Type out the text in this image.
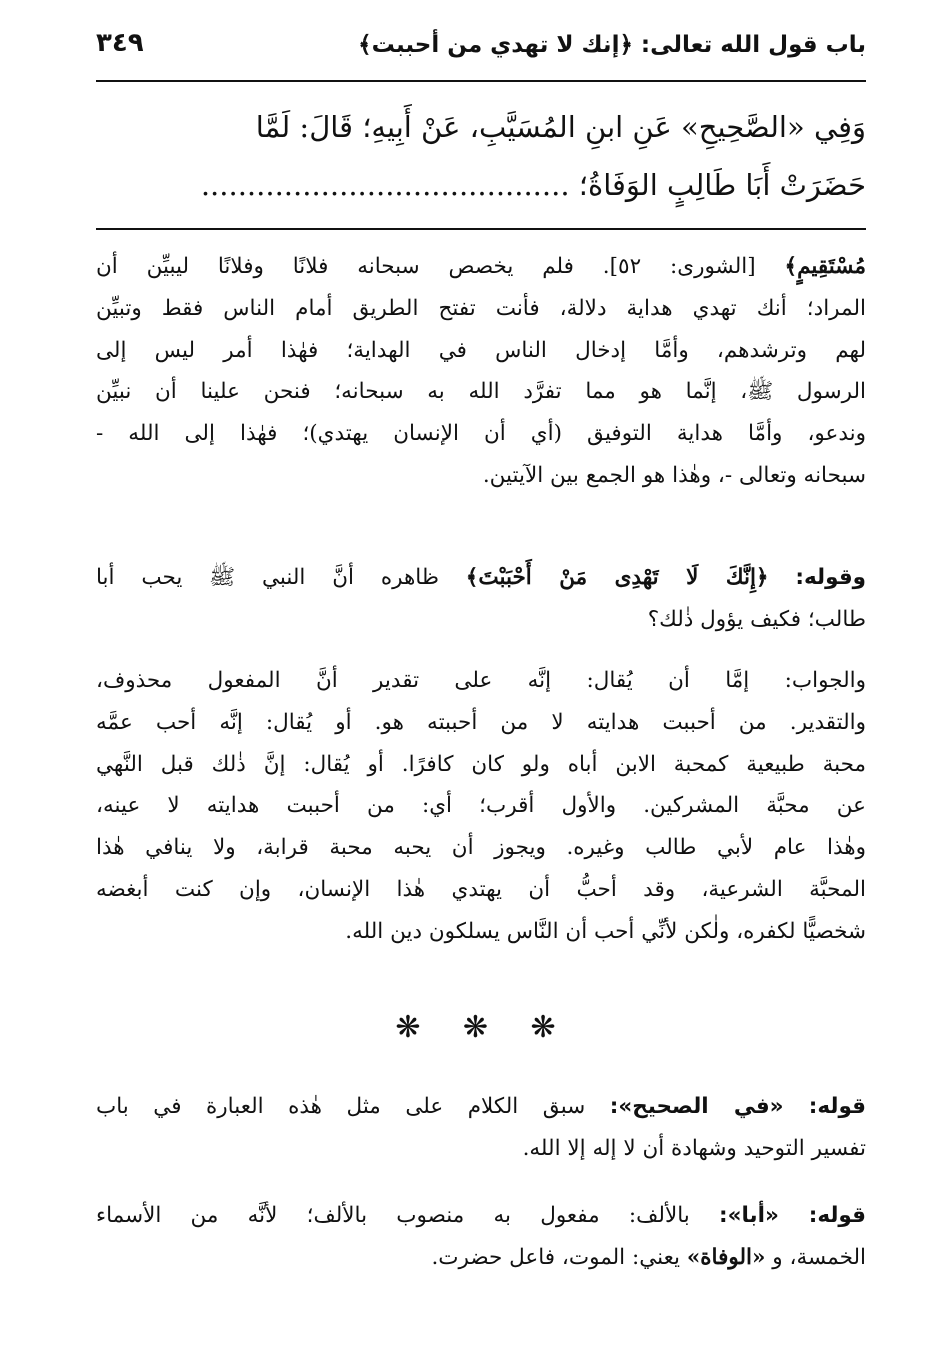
باب قول الله تعالى: ﴿إنك لا تهدي من أحببت﴾
٣٤٩
وَفِي «الصَّحِيحِ» عَنِ ابنِ المُسَيَّبِ، عَنْ أَبِيهِ؛ قَالَ: لَمَّا
حَضَرَتْ أَبَا طَالِبٍ الوَفَاةُ؛ ........................................
مُسْتَقِيمٍ﴾ [الشورى: ٥٢]. فلم يخصص سبحانه فلانًا وفلانًا ليبيِّن أن
المراد؛ أنك تهدي هداية دلالة، فأنت تفتح الطريق أمام الناس فقط وتبيِّن
لهم وترشدهم، وأمَّا إدخال الناس في الهداية؛ فهٰذا أمر ليس إلى
الرسول ﷺ، إنَّما هو مما تفرَّد الله به سبحانه؛ فنحن علينا أن نبيِّن
وندعو، وأمَّا هداية التوفيق (أي أن الإنسان يهتدي)؛ فهٰذا إلى الله -
سبحانه وتعالى -، وهٰذا هو الجمع بين الآيتين.
وقوله: ﴿إِنَّكَ لَا تَهْدِى مَنْ أَحْبَبْتَ﴾ ظاهره أنَّ النبي ﷺ يحب أبا
طالب؛ فكيف يؤول ذٰلك؟
والجواب: إمَّا أن يُقال: إنَّه على تقدير أنَّ المفعول محذوف،
والتقدير. من أحببت هدايته لا من أحببته هو. أو يُقال: إنَّه أحب عمَّه
محبة طبيعية كمحبة الابن أباه ولو كان كافرًا. أو يُقال: إنَّ ذٰلك قبل النَّهي
عن محبَّة المشركين. والأول أقرب؛ أي: من أحببت هدايته لا عينه،
وهٰذا عام لأبي طالب وغيره. ويجوز أن يحبه محبة قرابة، ولا ينافي هٰذا
المحبَّة الشرعية، وقد أحبُّ أن يهتدي هٰذا الإنسان، وإن كنت أبغضه
شخصيًّا لكفره، ولٰكن لأنِّي أحب أن النَّاس يسلكون دين الله.
❋ ❋ ❋
قوله: «في الصحيح»: سبق الكلام على مثل هٰذه العبارة في باب
تفسير التوحيد وشهادة أن لا إله إلا الله.
قوله: «أبا»: بالألف: مفعول به منصوب بالألف؛ لأنَّه من الأسماء
الخمسة، و «الوفاة» يعني: الموت، فاعل حضرت.
